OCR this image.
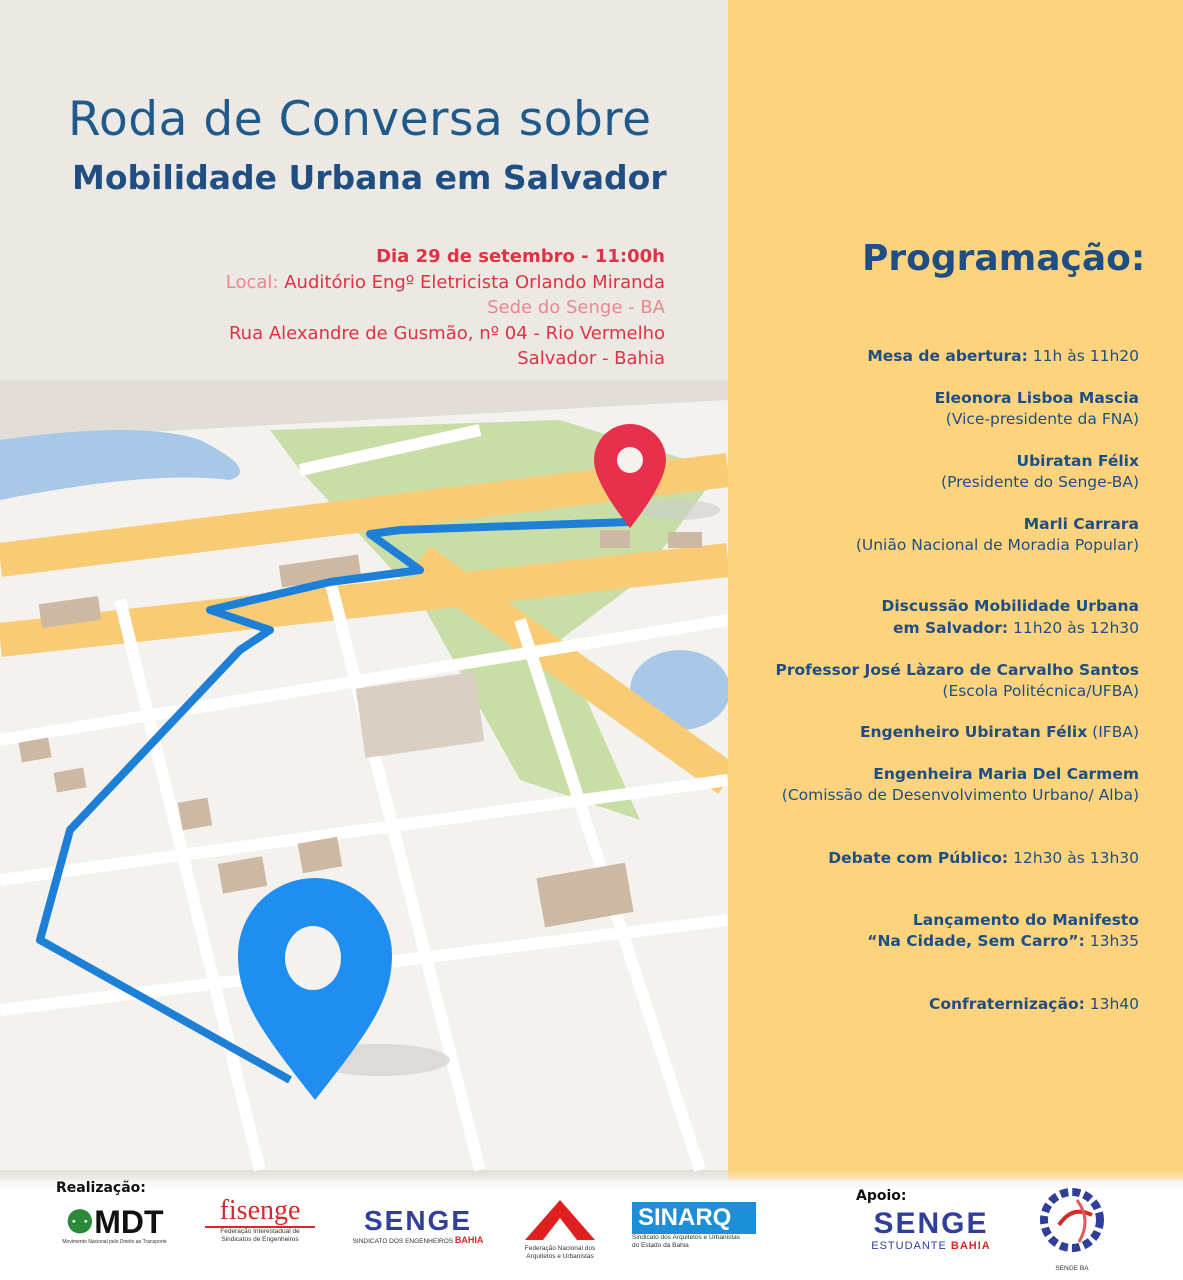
Roda de Conversa sobre
Mobilidade Urbana em Salvador
Dia 29 de setembro - 11:00h
Local: Auditório Engº Eletricista Orlando Miranda
Sede do Senge - BA
Rua Alexandre de Gusmão, nº 04 - Rio Vermelho
Salvador - Bahia
Programação:
Mesa de abertura: 11h às 11h20
Eleonora Lisboa Mascia
(Vice-presidente da FNA)
Ubiratan Félix
(Presidente do Senge-BA)
Marli Carrara
(União Nacional de Moradia Popular)
Discussão Mobilidade Urbana
em Salvador: 11h20 às 12h30
Professor José Làzaro de Carvalho Santos
(Escola Politécnica/UFBA)
Engenheiro Ubiratan Félix (IFBA)
Engenheira Maria Del Carmem
(Comissão de Desenvolvimento Urbano/ Alba)
Debate com Público: 12h30 às 13h30
Lançamento do Manifesto
“Na Cidade, Sem Carro”: 13h35
Confraternização: 13h40
Realização:	Apoio:
⚉MDT
Movimento Nacional pelo Direito ao Transporte
fisenge
Federação Interestadual de
Sindicatos de Engenheiros
SENGE
SINDICATO DOS ENGENHEIROS BAHIA
Federação Nacional dos
Arquitetos e Urbanistas
SINARQ
Sindicato dos Arquitetos e Urbanistas
do Estado da Bahia
SENGE
ESTUDANTE BAHIA
SENGE BA
